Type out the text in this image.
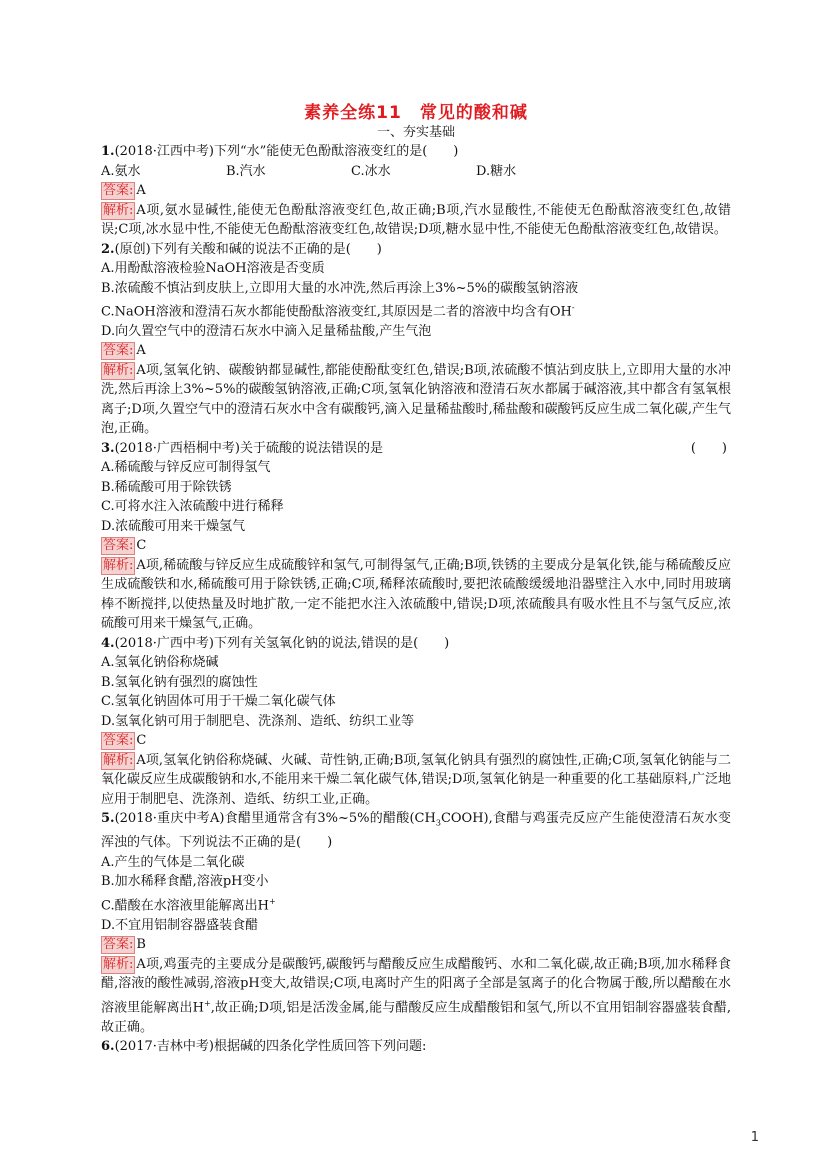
素养全练11　常见的酸和碱
一、夯实基础
1.(2018·江西中考)下列“水”能使无色酚酞溶液变红的是(　　)
A.氨水	B.汽水	C.冰水	D.糖水
答案: A
解析: A项,氨水显碱性,能使无色酚酞溶液变红色,故正确;B项,汽水显酸性,不能使无色酚酞溶液变红色,故错误;C项,冰水显中性,不能使无色酚酞溶液变红色,故错误;D项,糖水显中性,不能使无色酚酞溶液变红色,故错误。
2.(原创)下列有关酸和碱的说法不正确的是(　　)
A.用酚酞溶液检验NaOH溶液是否变质
B.浓硫酸不慎沾到皮肤上,立即用大量的水冲洗,然后再涂上3%~5%的碳酸氢钠溶液
C.NaOH溶液和澄清石灰水都能使酚酞溶液变红,其原因是二者的溶液中均含有OH-
D.向久置空气中的澄清石灰水中滴入足量稀盐酸,产生气泡
答案: A
解析: A项,氢氧化钠、碳酸钠都显碱性,都能使酚酞变红色,错误;B项,浓硫酸不慎沾到皮肤上,立即用大量的水冲洗,然后再涂上3%~5%的碳酸氢钠溶液,正确;C项,氢氧化钠溶液和澄清石灰水都属于碱溶液,其中都含有氢氧根离子;D项,久置空气中的澄清石灰水中含有碳酸钙,滴入足量稀盐酸时,稀盐酸和碳酸钙反应生成二氧化碳,产生气泡,正确。
3.(2018·广西梧桐中考)关于硫酸的说法错误的是	(　　)
A.稀硫酸与锌反应可制得氢气
B.稀硫酸可用于除铁锈
C.可将水注入浓硫酸中进行稀释
D.浓硫酸可用来干燥氢气
答案: C
解析: A项,稀硫酸与锌反应生成硫酸锌和氢气,可制得氢气,正确;B项,铁锈的主要成分是氧化铁,能与稀硫酸反应生成硫酸铁和水,稀硫酸可用于除铁锈,正确;C项,稀释浓硫酸时,要把浓硫酸缓缓地沿器壁注入水中,同时用玻璃棒不断搅拌,以使热量及时地扩散,一定不能把水注入浓硫酸中,错误;D项,浓硫酸具有吸水性且不与氢气反应,浓硫酸可用来干燥氢气,正确。
4.(2018·广西中考)下列有关氢氧化钠的说法,错误的是(　　)
A.氢氧化钠俗称烧碱
B.氢氧化钠有强烈的腐蚀性
C.氢氧化钠固体可用于干燥二氧化碳气体
D.氢氧化钠可用于制肥皂、洗涤剂、造纸、纺织工业等
答案: C
解析: A项,氢氧化钠俗称烧碱、火碱、苛性钠,正确;B项,氢氧化钠具有强烈的腐蚀性,正确;C项,氢氧化钠能与二氧化碳反应生成碳酸钠和水,不能用来干燥二氧化碳气体,错误;D项,氢氧化钠是一种重要的化工基础原料,广泛地应用于制肥皂、洗涤剂、造纸、纺织工业,正确。
5.(2018·重庆中考A)食醋里通常含有3%~5%的醋酸$(CH_3COOH)$,食醋与鸡蛋壳反应产生能使澄清石灰水变浑浊的气体。下列说法不正确的是(　　)
A.产生的气体是二氧化碳
B.加水稀释食醋,溶液pH变小
C.醋酸在水溶液里能解离出H+
D.不宜用铝制容器盛装食醋
答案: B
解析: A项,鸡蛋壳的主要成分是碳酸钙,碳酸钙与醋酸反应生成醋酸钙、水和二氧化碳,故正确;B项,加水稀释食醋,溶液的酸性减弱,溶液pH变大,故错误;C项,电离时产生的阳离子全部是氢离子的化合物属于酸,所以醋酸在水溶液里能解离出H+,故正确;D项,铝是活泼金属,能与醋酸反应生成醋酸铝和氢气,所以不宜用铝制容器盛装食醋,故正确。
6.(2017·吉林中考)根据碱的四条化学性质回答下列问题:
1
